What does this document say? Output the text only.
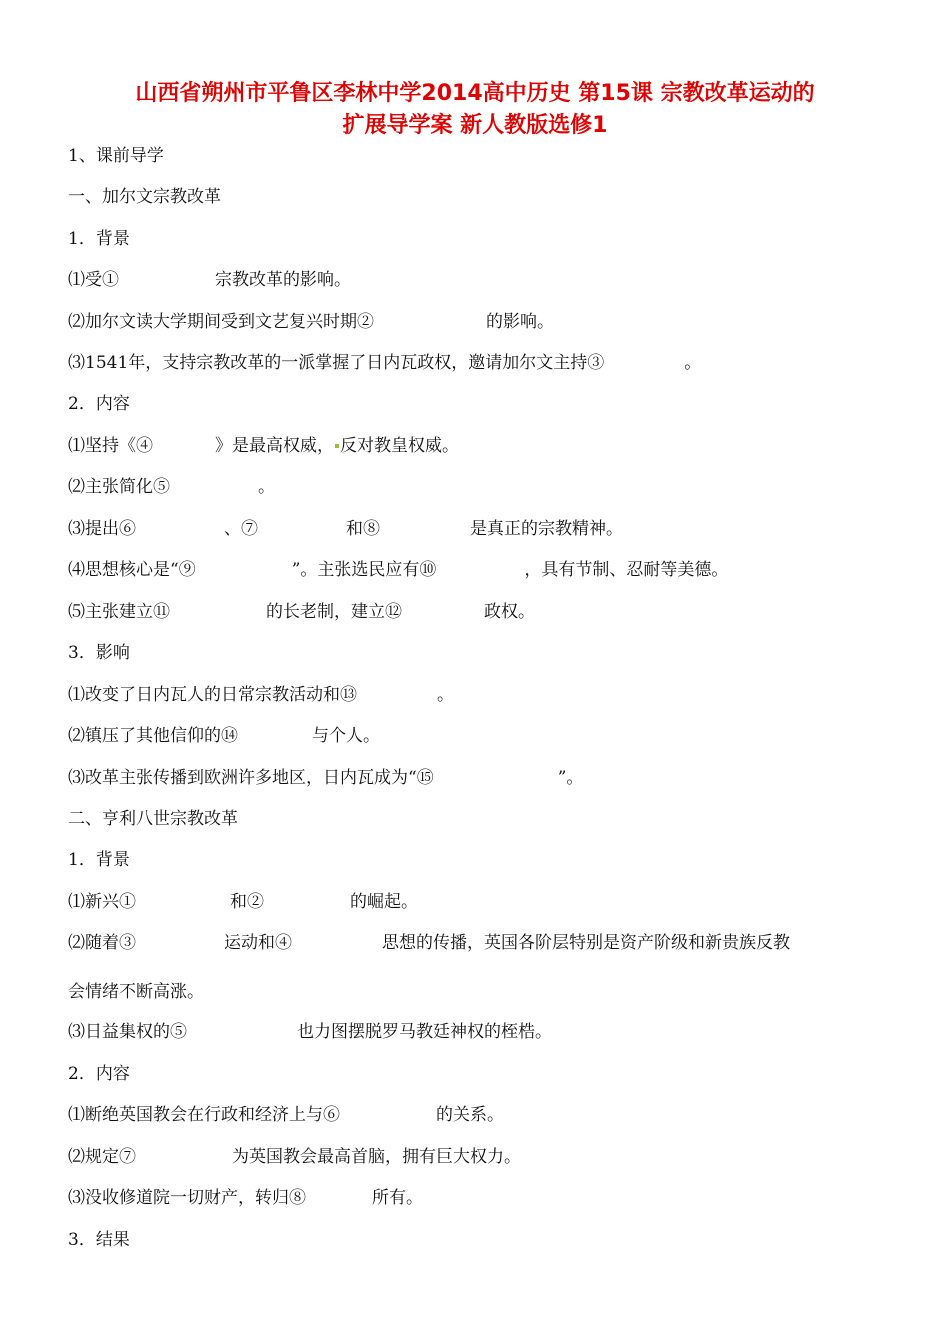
山西省朔州市平鲁区李林中学2014高中历史 第15课 宗教改革运动的
扩展导学案 新人教版选修1
1、课前导学
一、加尔文宗教改革
1．背景
⑴受①	宗教改革的影响。
⑵加尔文读大学期间受到文艺复兴时期②	的影响。
⑶1541年，支持宗教改革的一派掌握了日内瓦政权，邀请加尔文主持③	。
2．内容
⑴坚持《④	》是最高权威， 反对教皇权威。
⑵主张简化⑤	。
⑶提出⑥	、⑦	和⑧	是真正的宗教精神。
⑷思想核心是“⑨	”。主张选民应有⑩	，具有节制、忍耐等美德。
⑸主张建立⑪	的长老制，建立⑫	政权。
3．影响
⑴改变了日内瓦人的日常宗教活动和⑬	。
⑵镇压了其他信仰的⑭	与个人。
⑶改革主张传播到欧洲许多地区，日内瓦成为“⑮	”。
二、亨利八世宗教改革
1．背景
⑴新兴①	和②	的崛起。
⑵随着③	运动和④	思想的传播，英国各阶层特别是资产阶级和新贵族反教
会情绪不断高涨。
⑶日益集权的⑤	也力图摆脱罗马教廷神权的桎梏。
2．内容
⑴断绝英国教会在行政和经济上与⑥	的关系。
⑵规定⑦	为英国教会最高首脑，拥有巨大权力。
⑶没收修道院一切财产，转归⑧	所有。
3．结果
